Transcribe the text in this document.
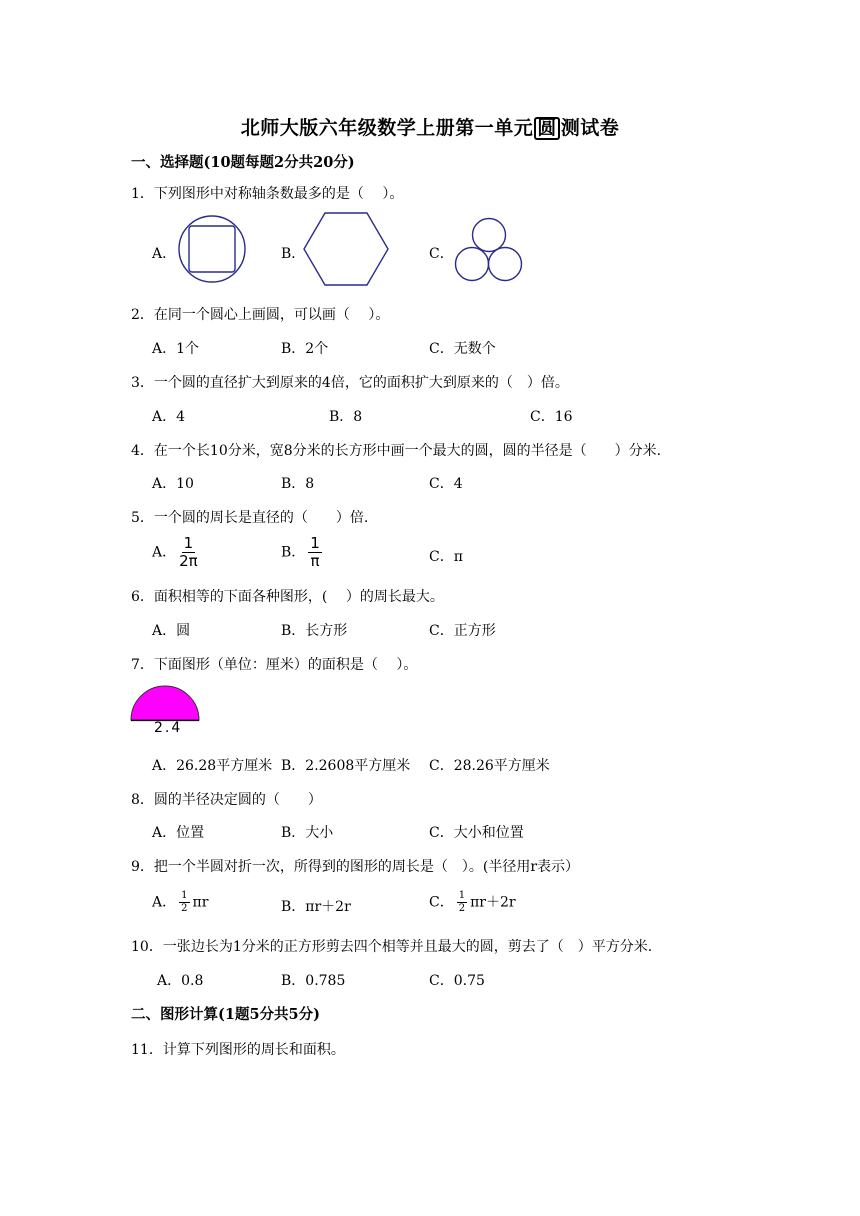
北师大版六年级数学上册第一单元 圆 测试卷
一、选择题(10题每题2分共20分)
1．下列图形中对称轴条数最多的是（　 ）。
A．	B．	C．
2．在同一个圆心上画圆，可以画（　 ）。
A．1个	B．2个	C．无数个
3．一个圆的直径扩大到原来的4倍，它的面积扩大到原来的（　）倍。
A．4	B．8	C．16
4．在一个长10分米，宽8分米的长方形中画一个最大的圆，圆的半径是（　　）分米.
A．10	B．8	C．4
5．一个圆的周长是直径的（　　）倍.
A． $\frac{1}{2\pi}$	B． $\frac{1}{\pi}$	C．π
6．面积相等的下面各种图形，(　 ）的周长最大。
A．圆	B．长方形	C．正方形
7．下面图形（单位：厘米）的面积是（　 ）。
2.4
A．26.28平方厘米 B．2.2608平方厘米 C．28.26平方厘米
8．圆的半径决定圆的（　　）
A．位置	B．大小	C．大小和位置
9．把一个半圆对折一次，所得到的图形的周长是（　）。(半径用r表示）
A． $\frac{1}{2}$ πr	B．πr＋2r	C． $\frac{1}{2} \pi r+2r$
10．一张边长为1分米的正方形剪去四个相等并且最大的圆，剪去了（　）平方分米.
A．0.8	B．0.785	C．0.75
二、图形计算(1题5分共5分)
11．计算下列图形的周长和面积。
